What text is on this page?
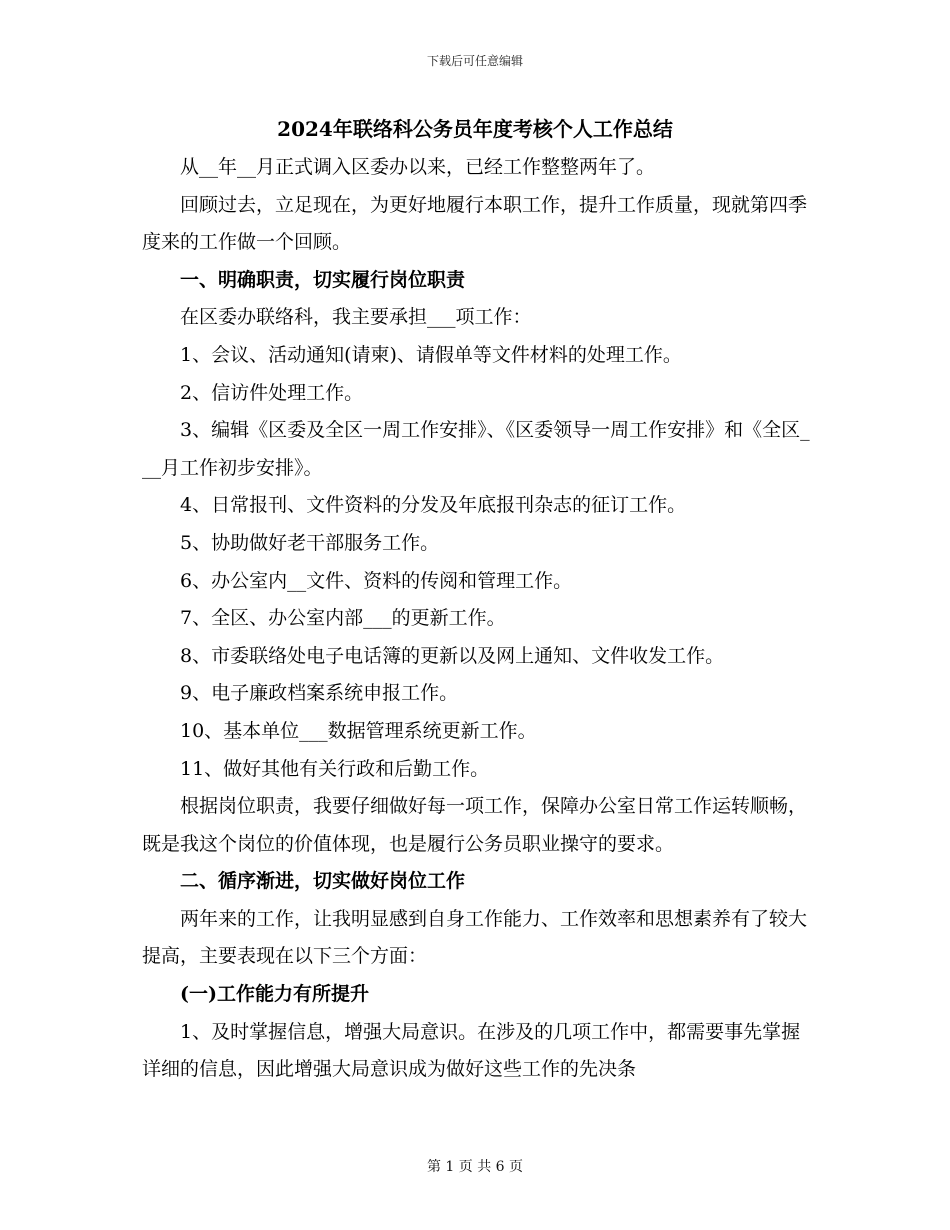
下载后可任意编辑
2024年联络科公务员年度考核个人工作总结

从__年__月正式调入区委办以来，已经工作整整两年了。

回顾过去，立足现在，为更好地履行本职工作，提升工作质量，现就第四季度来的工作做一个回顾。

一、明确职责，切实履行岗位职责

在区委办联络科，我主要承担___项工作：

1、会议、活动通知(请柬)、请假单等文件材料的处理工作。

2、信访件处理工作。

3、编辑《区委及全区一周工作安排》、《区委领导一周工作安排》和《全区___月工作初步安排》。

4、日常报刊、文件资料的分发及年底报刊杂志的征订工作。

5、协助做好老干部服务工作。

6、办公室内__文件、资料的传阅和管理工作。

7、全区、办公室内部___的更新工作。

8、市委联络处电子电话簿的更新以及网上通知、文件收发工作。

9、电子廉政档案系统申报工作。

10、基本单位___数据管理系统更新工作。

11、做好其他有关行政和后勤工作。

根据岗位职责，我要仔细做好每一项工作，保障办公室日常工作运转顺畅，既是我这个岗位的价值体现，也是履行公务员职业操守的要求。

二、循序渐进，切实做好岗位工作

两年来的工作，让我明显感到自身工作能力、工作效率和思想素养有了较大提高，主要表现在以下三个方面：

(一)工作能力有所提升

1、及时掌握信息，增强大局意识。在涉及的几项工作中，都需要事先掌握详细的信息，因此增强大局意识成为做好这些工作的先决条

第 1 页 共 6 页
